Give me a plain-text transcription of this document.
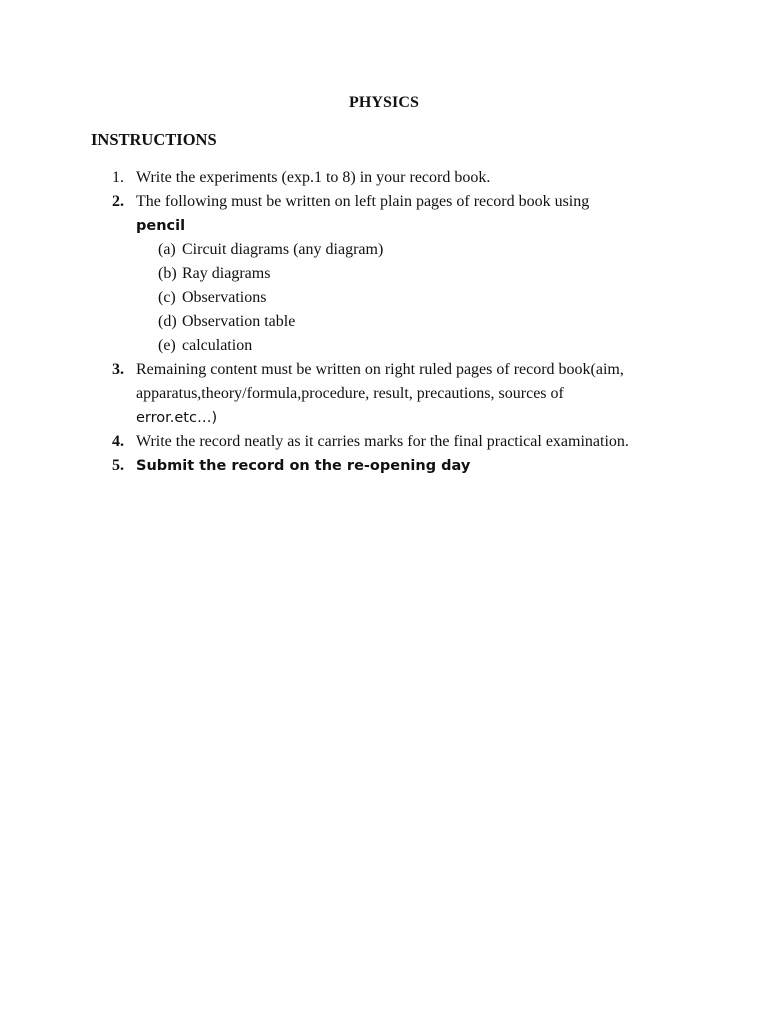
PHYSICS
INSTRUCTIONS
1. Write the experiments (exp.1 to 8) in your record book.
2. The following must be written on left plain pages of record book using
pencil
(a) Circuit diagrams (any diagram)
(b) Ray diagrams
(c) Observations
(d) Observation table
(e) calculation
3. Remaining content must be written on right ruled pages of record book(aim, apparatus,theory/formula,procedure, result, precautions, sources of
error.etc…)
4. Write the record neatly as it carries marks for the final practical examination.
5. Submit the record on the re-opening day
